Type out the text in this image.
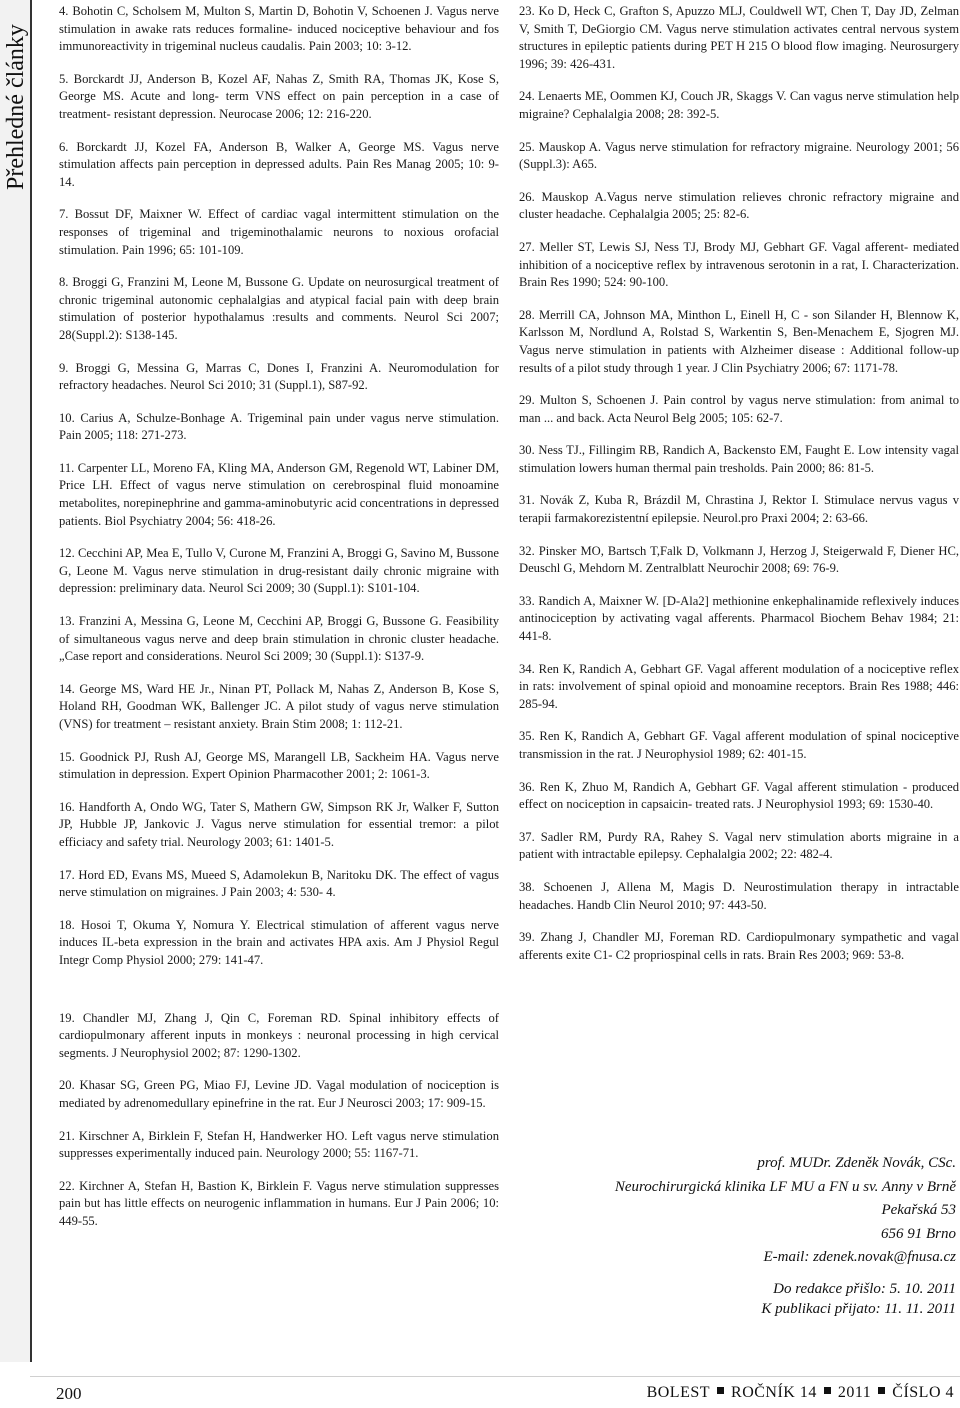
Přehledné články

4. Bohotin C, Scholsem M, Multon S, Martin D, Bohotin V, Schoenen J. Vagus nerve stimulation in awake rats reduces formaline- induced nociceptive behaviour and fos immunoreactivity in trigeminal nucleus caudalis. Pain 2003; 10: 3-12.

5. Borckardt JJ, Anderson B, Kozel AF, Nahas Z, Smith RA, Thomas JK, Kose S, George MS. Acute and long- term VNS effect on pain perception in a case of treatment- resistant depression. Neurocase 2006; 12: 216-220.

6. Borckardt JJ, Kozel FA, Anderson B, Walker A, George MS. Vagus nerve stimulation affects pain perception in depressed adults. Pain Res Manag 2005; 10: 9-14.

7. Bossut DF, Maixner W. Effect of cardiac vagal intermittent stimulation on the responses of trigeminal and trigeminothalamic neurons to noxious orofacial stimulation. Pain 1996; 65: 101-109.

8. Broggi G, Franzini M, Leone M, Bussone G. Update on neurosurgical treatment of chronic trigeminal autonomic cephalalgias and atypical facial pain with deep brain stimulation of posterior hypothalamus :results and comments. Neurol Sci 2007; 28(Suppl.2): S138-145.

9. Broggi G, Messina G, Marras C, Dones I, Franzini A. Neuromodulation for refractory headaches. Neurol Sci 2010; 31 (Suppl.1), S87-92.

10. Carius A, Schulze-Bonhage A. Trigeminal pain under vagus nerve stimulation. Pain 2005; 118: 271-273.

11. Carpenter LL, Moreno FA, Kling MA, Anderson GM, Regenold WT, Labiner DM, Price LH. Effect of vagus nerve stimulation on cerebrospinal fluid monoamine metabolites, norepinephrine and gamma-aminobutyric acid concentrations in depressed patients. Biol Psychiatry 2004; 56: 418-26.

12. Cecchini AP, Mea E, Tullo V, Curone M, Franzini A, Broggi G, Savino M, Bussone G, Leone M. Vagus nerve stimulation in drug-resistant daily chronic migraine with depression: preliminary data. Neurol Sci 2009; 30 (Suppl.1): S101-104.

13. Franzini A, Messina G, Leone M, Cecchini AP, Broggi G, Bussone G. Feasibility of simultaneous vagus nerve and deep brain stimulation in chronic cluster headache. „Case report and considerations. Neurol Sci 2009; 30 (Suppl.1): S137-9.

14. George MS, Ward HE Jr., Ninan PT, Pollack M, Nahas Z, Anderson B, Kose S, Holand RH, Goodman WK, Ballenger JC. A pilot study of vagus nerve stimulation (VNS) for treatment – resistant anxiety. Brain Stim 2008; 1: 112-21.

15. Goodnick PJ, Rush AJ, George MS, Marangell LB, Sackheim HA. Vagus nerve stimulation in depression. Expert Opinion Pharmacother 2001; 2: 1061-3.

16. Handforth A, Ondo WG, Tater S, Mathern GW, Simpson RK Jr, Walker F, Sutton JP, Hubble JP, Jankovic J. Vagus nerve stimulation for essential tremor: a pilot efficiacy and safety trial. Neurology 2003; 61: 1401-5.

17. Hord ED, Evans MS, Mueed S, Adamolekun B, Naritoku DK. The effect of vagus nerve stimulation on migraines. J Pain 2003; 4: 530- 4.

18. Hosoi T, Okuma Y, Nomura Y. Electrical stimulation of afferent vagus nerve induces IL-beta expression in the brain and activates HPA axis. Am J Physiol Regul Integr Comp Physiol 2000; 279: 141-47.

19. Chandler MJ, Zhang J, Qin C, Foreman RD. Spinal inhibitory effects of cardiopulmonary afferent inputs in monkeys : neuronal processing in high cervical segments. J Neurophysiol 2002; 87: 1290-1302.

20. Khasar SG, Green PG, Miao FJ, Levine JD. Vagal modulation of nociception is mediated by adrenomedullary epinefrine in the rat. Eur J Neurosci 2003; 17: 909-15.

21. Kirschner A, Birklein F, Stefan H, Handwerker HO. Left vagus nerve stimulation suppresses experimentally induced pain. Neurology 2000; 55: 1167-71.

22. Kirchner A, Stefan H, Bastion K, Birklein F. Vagus nerve stimulation suppresses pain but has little effects on neurogenic inflammation in humans. Eur J Pain 2006; 10: 449-55.

23. Ko D, Heck C, Grafton S, Apuzzo MLJ, Couldwell WT, Chen T, Day JD, Zelman V, Smith T, DeGiorgio CM. Vagus nerve stimulation activates central nervous system structures in epileptic patients during PET H 215 O blood flow imaging. Neurosurgery 1996; 39: 426-431.

24. Lenaerts ME, Oommen KJ, Couch JR, Skaggs V. Can vagus nerve stimulation help migraine? Cephalalgia 2008; 28: 392-5.

25. Mauskop A. Vagus nerve stimulation for refractory migraine. Neurology 2001; 56 (Suppl.3): A65.

26. Mauskop A.Vagus nerve stimulation relieves chronic refractory migraine and cluster headache. Cephalalgia 2005; 25: 82-6.

27. Meller ST, Lewis SJ, Ness TJ, Brody MJ, Gebhart GF. Vagal afferent- mediated inhibition of a nociceptive reflex by intravenous serotonin in a rat, I. Characterization. Brain Res 1990; 524: 90-100.

28. Merrill CA, Johnson MA, Minthon L, Einell H, C - son Silander H, Blennow K, Karlsson M, Nordlund A, Rolstad S, Warkentin S, Ben-Menachem E, Sjogren MJ. Vagus nerve stimulation in patients with Alzheimer disease : Additional follow-up results of a pilot study through 1 year. J Clin Psychiatry 2006; 67: 1171-78.

29. Multon S, Schoenen J. Pain control by vagus nerve stimulation: from animal to man ... and back. Acta Neurol Belg 2005; 105: 62-7.

30. Ness TJ., Fillingim RB, Randich A, Backensto EM, Faught E. Low intensity vagal stimulation lowers human thermal pain tresholds. Pain 2000; 86: 81-5.

31. Novák Z, Kuba R, Brázdil M, Chrastina J, Rektor I. Stimulace nervus vagus v terapii farmakorezistentní epilepsie. Neurol.pro Praxi 2004; 2: 63-66.

32. Pinsker MO, Bartsch T,Falk D, Volkmann J, Herzog J, Steigerwald F, Diener HC, Deuschl G, Mehdorn M. Zentralblatt Neurochir 2008; 69: 76-9.

33. Randich A, Maixner W. [D-Ala2] methionine enkephalinamide reflexively induces antinociception by activating vagal afferents. Pharmacol Biochem Behav 1984; 21: 441-8.

34. Ren K, Randich A, Gebhart GF. Vagal afferent modulation of a nociceptive reflex in rats: involvement of spinal opioid and monoamine receptors. Brain Res 1988; 446: 285-94.

35. Ren K, Randich A, Gebhart GF. Vagal afferent modulation of spinal nociceptive transmission in the rat. J Neurophysiol 1989; 62: 401-15.

36. Ren K, Zhuo M, Randich A, Gebhart GF. Vagal afferent stimulation - produced effect on nociception in capsaicin- treated rats. J Neurophysiol 1993; 69: 1530-40.

37. Sadler RM, Purdy RA, Rahey S. Vagal nerv stimulation aborts migraine in a patient with intractable epilepsy. Cephalalgia 2002; 22: 482-4.

38. Schoenen J, Allena M, Magis D. Neurostimulation therapy in intractable headaches. Handb Clin Neurol 2010; 97: 443-50.

39. Zhang J, Chandler MJ, Foreman RD. Cardiopulmonary sympathetic and vagal afferents exite C1- C2 propriospinal cells in rats. Brain Res 2003; 969: 53-8.

prof. MUDr. Zdeněk Novák, CSc.
Neurochirurgická klinika LF MU a FN u sv. Anny v Brně
Pekařská 53
656 91 Brno
E-mail: zdenek.novak@fnusa.cz
Do redakce přišlo: 5. 10. 2011
K publikaci přijato: 11. 11. 2011
200	BOLEST ROČNÍK 14 2011 ČÍSLO 4
